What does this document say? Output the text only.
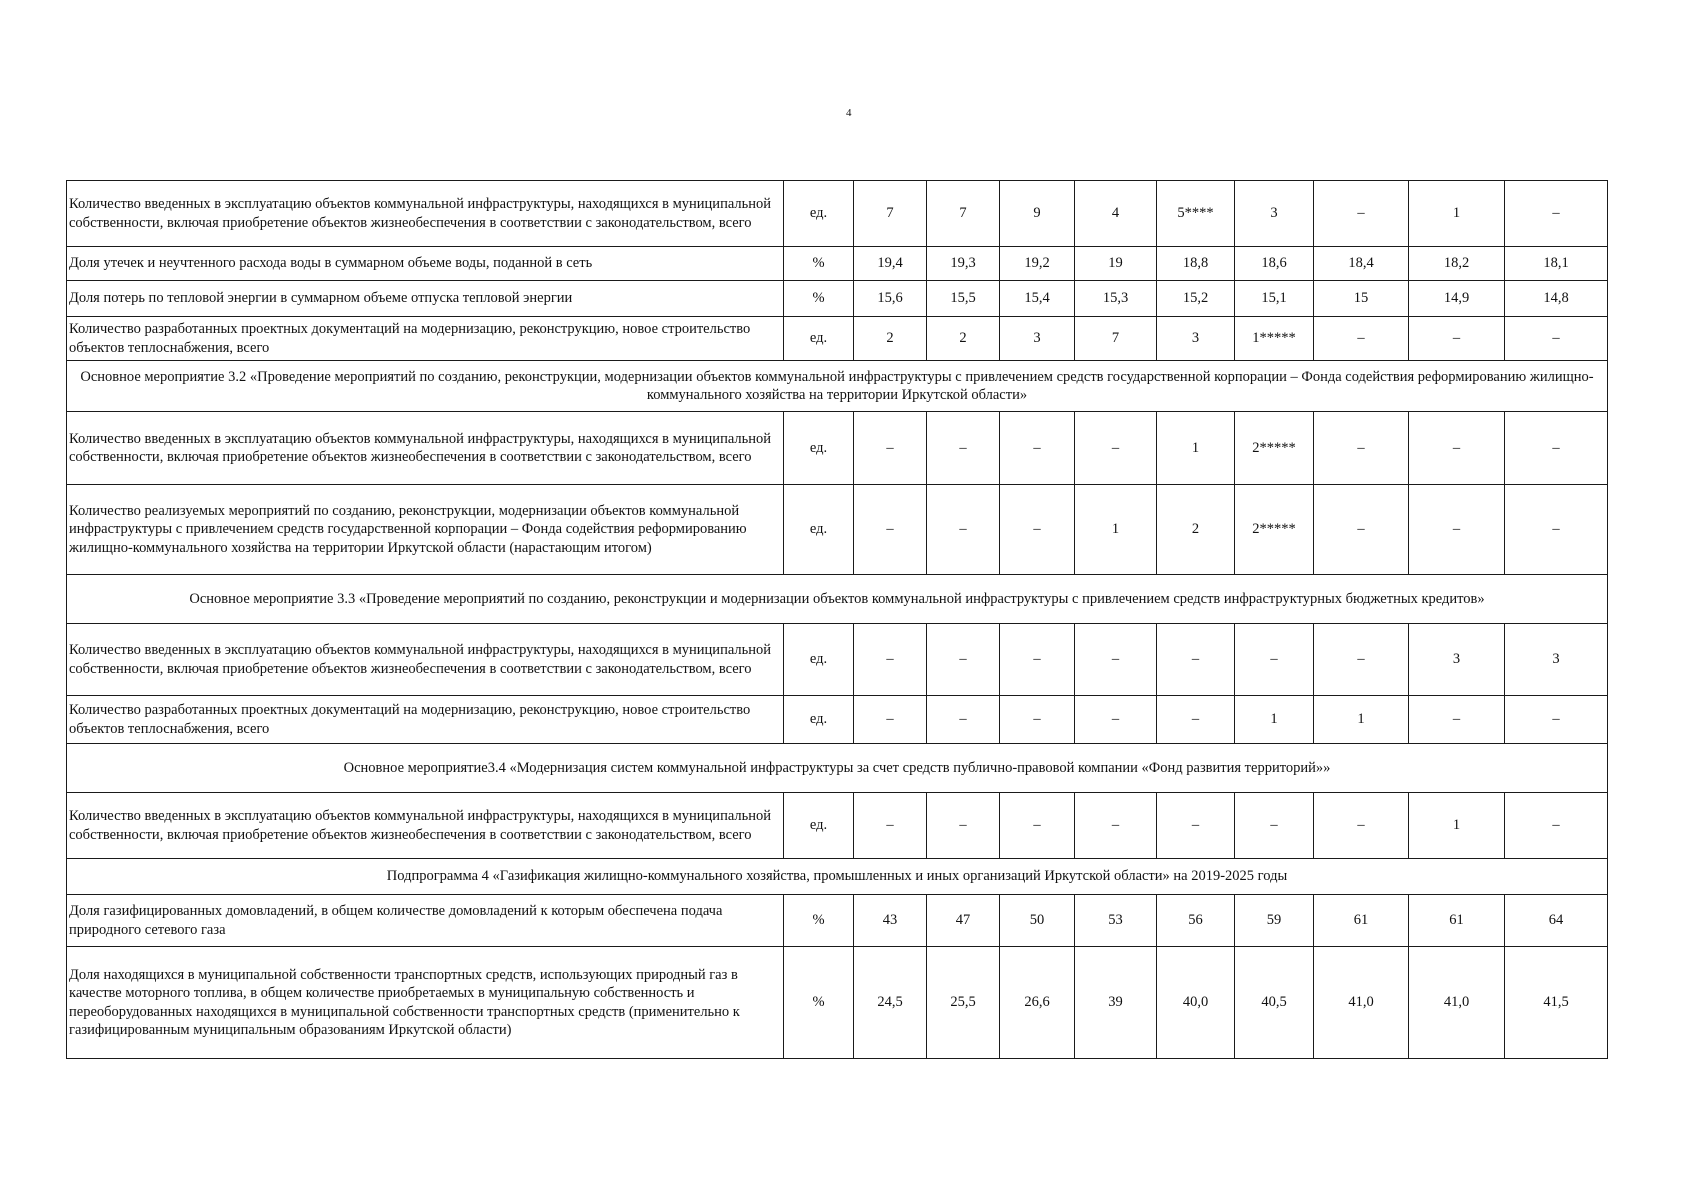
4
Количество введенных в эксплуатацию объектов коммунальной инфраструктуры, находящихся в муниципальной собственности, включая приобретение объектов жизнеобеспечения в соответствии с законодательством, всего	ед.	7	7	9	4	5****	3	–	1	–
Доля утечек и неучтенного расхода воды в суммарном объеме воды, поданной в сеть	%	19,4	19,3	19,2	19	18,8	18,6	18,4	18,2	18,1
Доля потерь по тепловой энергии в суммарном объеме отпуска тепловой энергии	%	15,6	15,5	15,4	15,3	15,2	15,1	15	14,9	14,8
Количество разработанных проектных документаций на модернизацию, реконструкцию, новое строительство объектов теплоснабжения, всего	ед.	2	2	3	7	3	1*****	–	–	–
Основное мероприятие 3.2 «Проведение мероприятий по созданию, реконструкции, модернизации объектов коммунальной инфраструктуры с привлечением средств государственной корпорации – Фонда содействия реформированию жилищно-коммунального хозяйства на территории Иркутской области»										
Количество введенных в эксплуатацию объектов коммунальной инфраструктуры, находящихся в муниципальной собственности, включая приобретение объектов жизнеобеспечения в соответствии с законодательством, всего	ед.	–	–	–	–	1	2*****	–	–	–
Количество реализуемых мероприятий по созданию, реконструкции, модернизации объектов коммунальной инфраструктуры с привлечением средств государственной корпорации – Фонда содействия реформированию жилищно-коммунального хозяйства на территории Иркутской области (нарастающим итогом)	ед.	–	–	–	1	2	2*****	–	–	–
Основное мероприятие 3.3 «Проведение мероприятий по созданию, реконструкции и модернизации объектов коммунальной инфраструктуры с привлечением средств инфраструктурных бюджетных кредитов»										
Количество введенных в эксплуатацию объектов коммунальной инфраструктуры, находящихся в муниципальной собственности, включая приобретение объектов жизнеобеспечения в соответствии с законодательством, всего	ед.	–	–	–	–	–	–	–	3	3
Количество разработанных проектных документаций на модернизацию, реконструкцию, новое строительство объектов теплоснабжения, всего	ед.	–	–	–	–	–	1	1	–	–
Основное мероприятие3.4 «Модернизация систем коммунальной инфраструктуры за счет средств публично-правовой компании «Фонд развития территорий»»										
Количество введенных в эксплуатацию объектов коммунальной инфраструктуры, находящихся в муниципальной собственности, включая приобретение объектов жизнеобеспечения в соответствии с законодательством, всего	ед.	–	–	–	–	–	–	–	1	–
Подпрограмма 4 «Газификация жилищно-коммунального хозяйства, промышленных и иных организаций Иркутской области» на 2019-2025 годы										
Доля газифицированных домовладений, в общем количестве домовладений к которым обеспечена подача природного сетевого газа	%	43	47	50	53	56	59	61	61	64
Доля находящихся в муниципальной собственности транспортных средств, использующих природный газ в качестве моторного топлива, в общем количестве приобретаемых в муниципальную собственность и переоборудованных находящихся в муниципальной собственности транспортных средств (применительно к газифицированным муниципальным образованиям Иркутской области)	%	24,5	25,5	26,6	39	40,0	40,5	41,0	41,0	41,5
